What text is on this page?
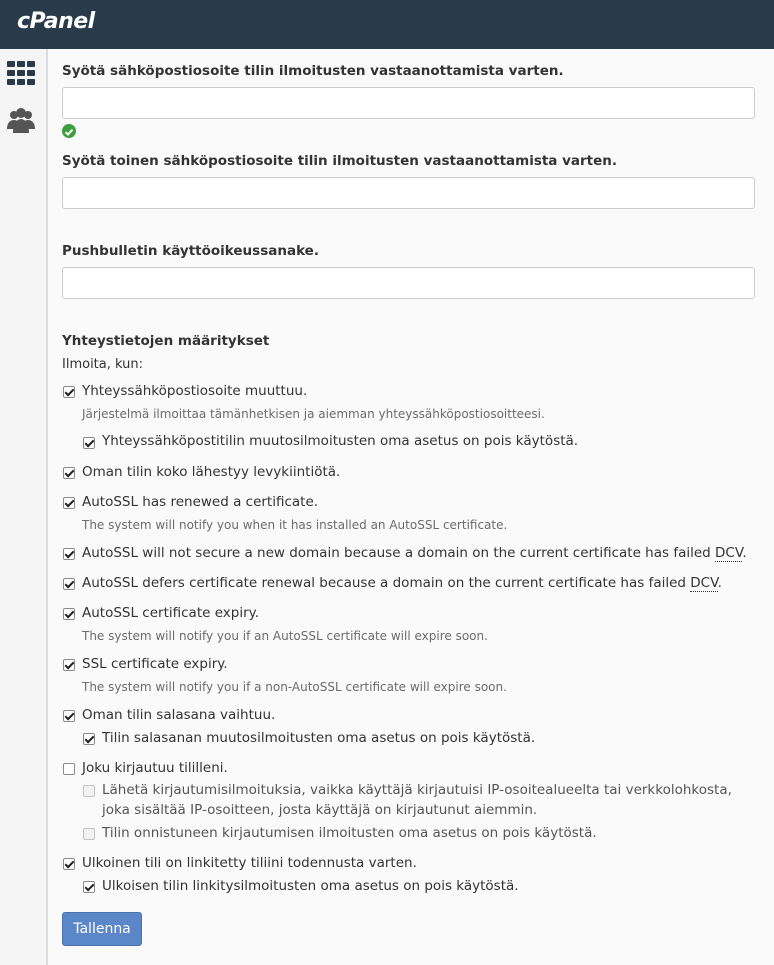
cPanel
Syötä sähköpostiosoite tilin ilmoitusten vastaanottamista varten.
Syötä toinen sähköpostiosoite tilin ilmoitusten vastaanottamista varten.
Pushbulletin käyttöoikeussanake.
Yhteystietojen määritykset
Ilmoita, kun:
Yhteyssähköpostiosoite muuttuu.
Järjestelmä ilmoittaa tämänhetkisen ja aiemman yhteyssähköpostiosoitteesi.
Yhteyssähköpostitilin muutosilmoitusten oma asetus on pois käytöstä.
Oman tilin koko lähestyy levykiintiötä.
AutoSSL has renewed a certificate.
The system will notify you when it has installed an AutoSSL certificate.
AutoSSL will not secure a new domain because a domain on the current certificate has failed DCV.
AutoSSL defers certificate renewal because a domain on the current certificate has failed DCV.
AutoSSL certificate expiry.
The system will notify you if an AutoSSL certificate will expire soon.
SSL certificate expiry.
The system will notify you if a non-AutoSSL certificate will expire soon.
Oman tilin salasana vaihtuu.
Tilin salasanan muutosilmoitusten oma asetus on pois käytöstä.
Joku kirjautuu tililleni.
Lähetä kirjautumisilmoituksia, vaikka käyttäjä kirjautuisi IP-osoitealueelta tai verkkolohkosta,
joka sisältää IP-osoitteen, josta käyttäjä on kirjautunut aiemmin.
Tilin onnistuneen kirjautumisen ilmoitusten oma asetus on pois käytöstä.
Ulkoinen tili on linkitetty tiliini todennusta varten.
Ulkoisen tilin linkitysilmoitusten oma asetus on pois käytöstä.
Tallenna
